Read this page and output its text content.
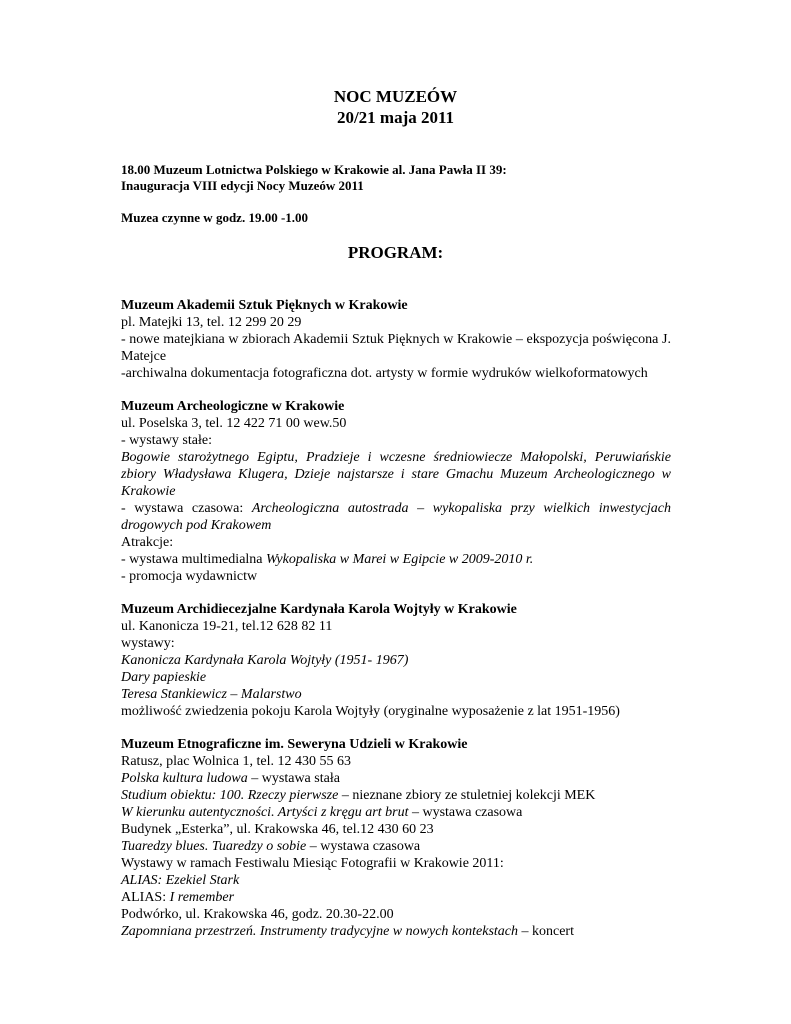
NOC MUZEÓW
20/21 maja 2011
18.00 Muzeum Lotnictwa Polskiego w Krakowie al. Jana Pawła II 39:
Inauguracja VIII edycji Nocy Muzeów 2011
Muzea czynne w godz. 19.00 -1.00
PROGRAM:
Muzeum Akademii Sztuk Pięknych w Krakowie
pl. Matejki 13, tel. 12 299 20 29
- nowe matejkiana w zbiorach Akademii Sztuk Pięknych w Krakowie – ekspozycja poświęcona J. Matejce
-archiwalna dokumentacja fotograficzna dot. artysty w formie wydruków wielkoformatowych
Muzeum Archeologiczne w Krakowie
ul. Poselska 3, tel. 12 422 71 00 wew.50
- wystawy stałe:
Bogowie starożytnego Egiptu, Pradzieje i wczesne średniowiecze Małopolski, Peruwiańskie zbiory Władysława Klugera, Dzieje najstarsze i stare Gmachu Muzeum Archeologicznego w Krakowie
- wystawa czasowa: Archeologiczna autostrada – wykopaliska przy wielkich inwestycjach drogowych pod Krakowem
Atrakcje:
- wystawa multimedialna Wykopaliska w Marei w Egipcie w 2009-2010 r.
- promocja wydawnictw
Muzeum Archidiecezjalne Kardynała Karola Wojtyły w Krakowie
ul. Kanonicza 19-21, tel.12 628 82 11
wystawy:
Kanonicza Kardynała Karola Wojtyły (1951- 1967)
Dary papieskie
Teresa Stankiewicz – Malarstwo
możliwość zwiedzenia pokoju Karola Wojtyły (oryginalne wyposażenie z lat 1951-1956)
Muzeum Etnograficzne im. Seweryna Udzieli w Krakowie
Ratusz, plac Wolnica 1, tel. 12 430 55 63
Polska kultura ludowa – wystawa stała
Studium obiektu: 100. Rzeczy pierwsze – nieznane zbiory ze stuletniej kolekcji MEK
W kierunku autentyczności. Artyści z kręgu art brut – wystawa czasowa
Budynek „Esterka”, ul. Krakowska 46, tel.12 430 60 23
Tuaredzy blues. Tuaredzy o sobie – wystawa czasowa
Wystawy w ramach Festiwalu Miesiąc Fotografii w Krakowie 2011:
ALIAS: Ezekiel Stark
ALIAS: I remember
Podwórko, ul. Krakowska 46, godz. 20.30-22.00
Zapomniana przestrzeń. Instrumenty tradycyjne w nowych kontekstach – koncert
